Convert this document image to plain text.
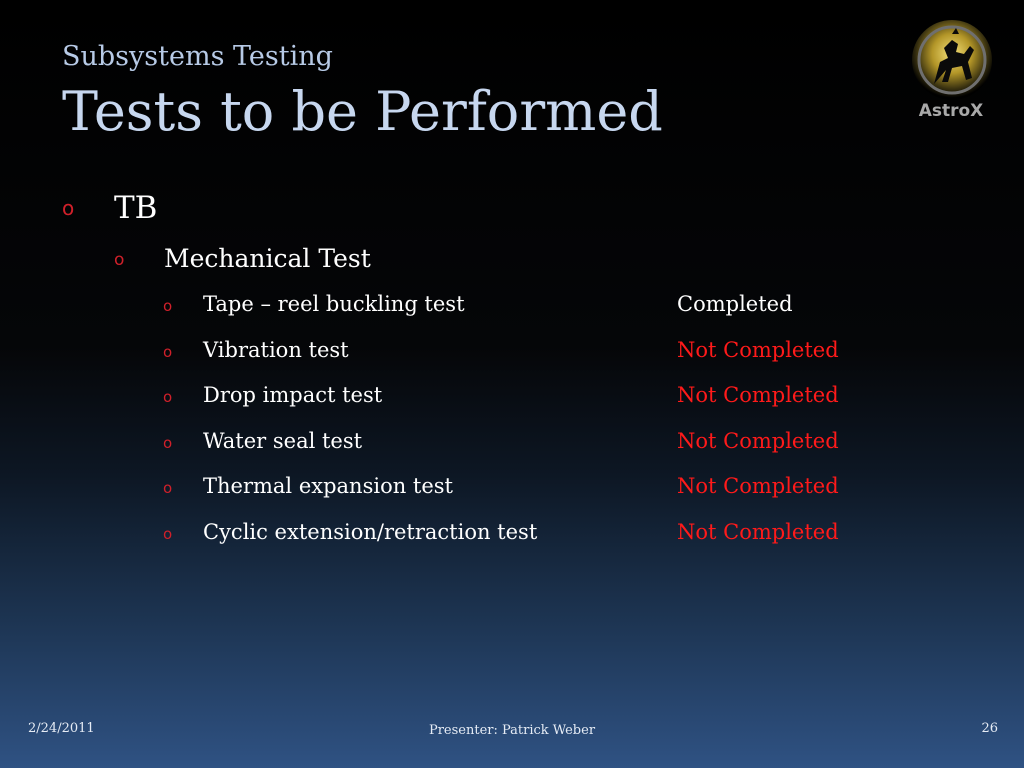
Subsystems Testing
Tests to be Performed	AstroX
o TB
o Mechanical Test
o Tape – reel buckling test	Completed
o Vibration test	Not Completed
o Drop impact test	Not Completed
o Water seal test	Not Completed
o Thermal expansion test	Not Completed
o Cyclic extension/retraction test	Not Completed
2/24/2011	Presenter: Patrick Weber	26
